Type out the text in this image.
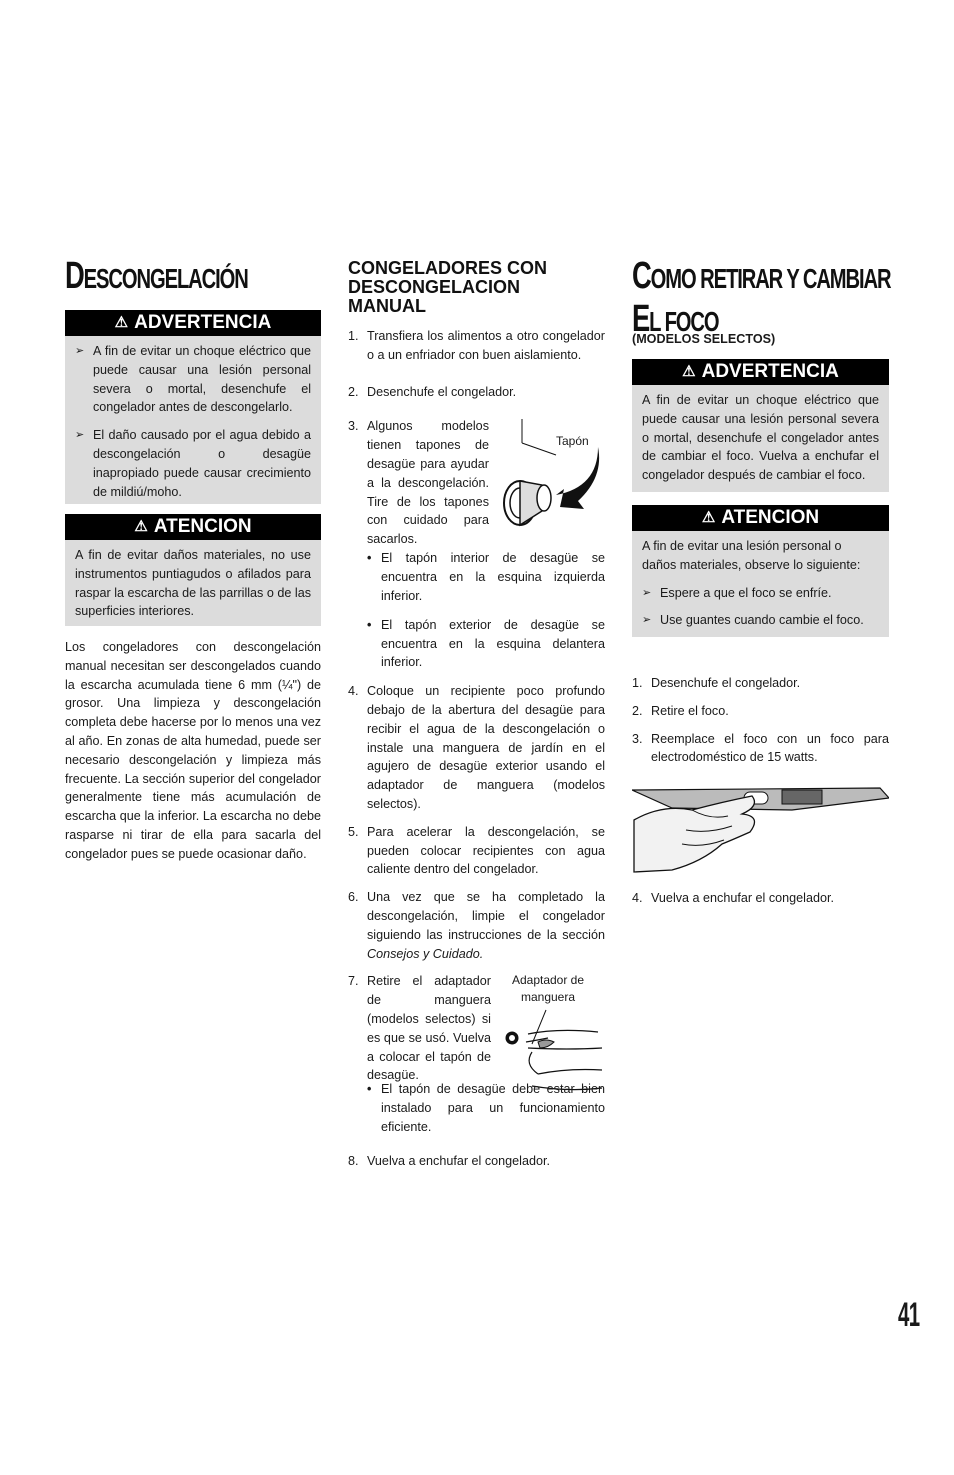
DESCONGELACIÓN
⚠ ADVERTENCIA

➢ A fin de evitar un choque eléctrico que puede causar una lesión personal severa o mortal, desenchufe el congelador antes de descongelarlo.

➢ El daño causado por el agua debido a descongelación o desagüe inapropiado puede causar crecimiento de mildiú/moho.

⚠ ATENCION

A fin de evitar daños materiales, no use instrumentos puntiagudos o afilados para raspar la escarcha de las parrillas o de las superficies interiores.

Los congeladores con descongelación manual necesitan ser descongelados cuando la escarcha acumulada tiene 6 mm (¼") de grosor. Una limpieza y descongelación completa debe hacerse por lo menos una vez al año. En zonas de alta humedad, puede ser necesario descongelación y limpieza más frecuente. La sección superior del congelador generalmente tiene más acumulación de escarcha que la inferior. La escarcha no debe rasparse ni tirar de ella para sacarla del congelador pues se puede ocasionar daño.

CONGELADORES CON DESCONGELACION MANUAL

1. Transfiera los alimentos a otro congelador o a un enfriador con buen aislamiento.

2. Desenchufe el congelador.

3. Algunos modelos tienen tapones de desagüe para ayudar a la descongelación. Tire de los tapones con cuidado para sacarlos.

Tapón

• El tapón interior de desagüe se encuentra en la esquina izquierda inferior.

• El tapón exterior de desagüe se encuentra en la esquina delantera inferior.

4. Coloque un recipiente poco profundo debajo de la abertura del desagüe para recibir el agua de la descongelación o instale una manguera de jardín en el agujero de desagüe exterior usando el adaptador de manguera (modelos selectos).

5. Para acelerar la descongelación, se pueden colocar recipientes con agua caliente dentro del congelador.

6. Una vez que se ha completado la descongelación, limpie el congelador siguiendo las instrucciones de la sección Consejos y Cuidado.

7. Retire el adaptador de manguera (modelos selectos) si es que se usó. Vuelva a colocar el tapón de desagüe.

Adaptador de manguera

• El tapón de desagüe debe estar bien instalado para un funcionamiento eficiente.

8. Vuelva a enchufar el congelador.

COMO RETIRAR Y CAMBIAR
EL FOCO

(MODELOS SELECTOS)

⚠ ADVERTENCIA

A fin de evitar un choque eléctrico que puede causar una lesión personal severa o mortal, desenchufe el congelador antes de cambiar el foco. Vuelva a enchufar el congelador después de cambiar el foco.

⚠ ATENCION

A fin de evitar una lesión personal o daños materiales, observe lo siguiente:

➢ Espere a que el foco se enfríe.

➢ Use guantes cuando cambie el foco.

1. Desenchufe el congelador.

2. Retire el foco.

3. Reemplace el foco con un foco para electrodoméstico de 15 watts.

4. Vuelva a enchufar el congelador.

41
